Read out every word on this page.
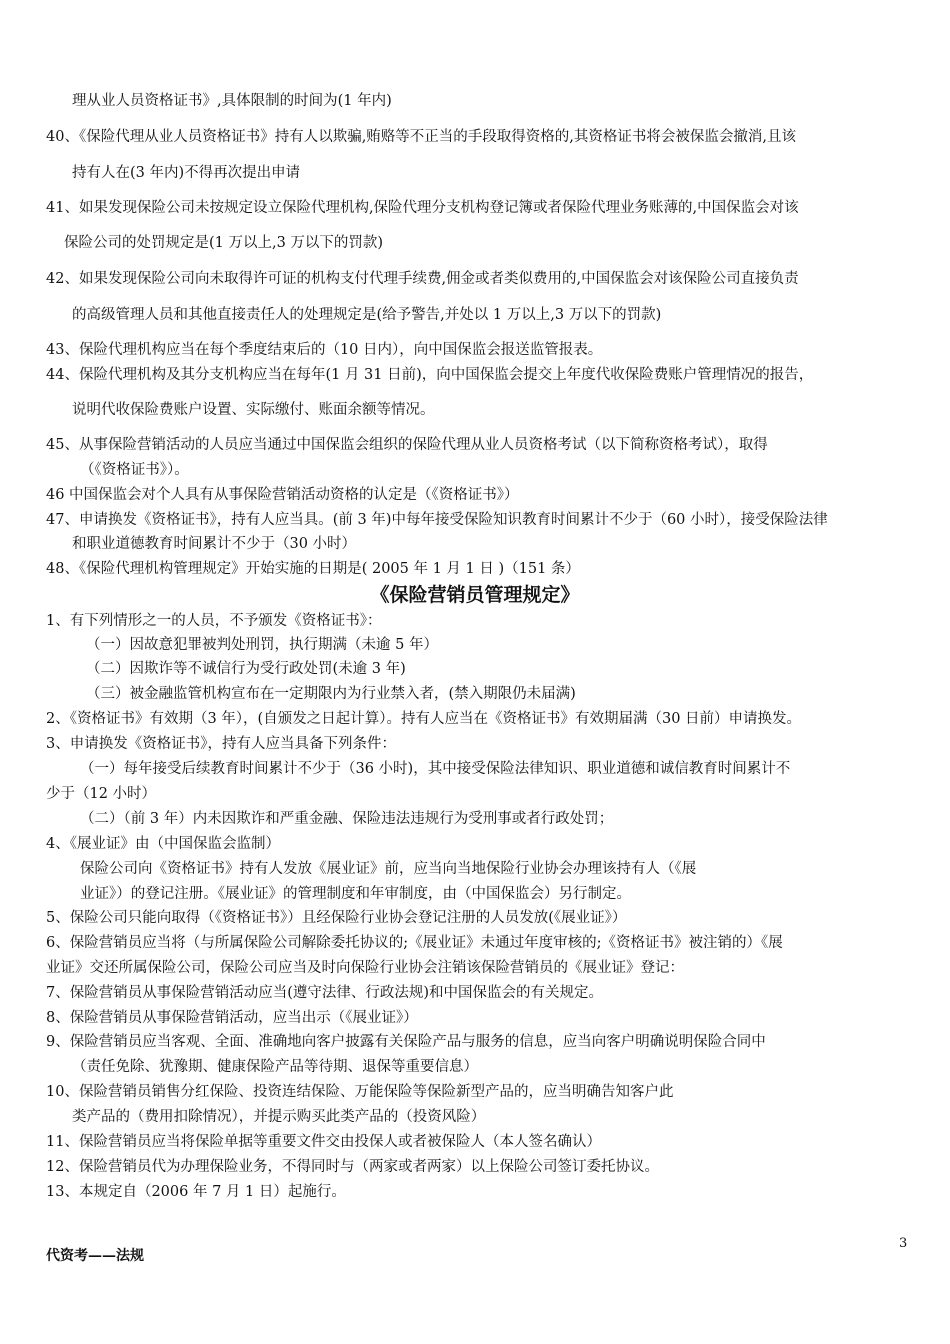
理从业人员资格证书》,具体限制的时间为(1 年内)
40、《保险代理从业人员资格证书》持有人以欺骗,贿赂等不正当的手段取得资格的,其资格证书将会被保监会撤消,且该
持有人在(3 年内)不得再次提出申请
41、如果发现保险公司未按规定设立保险代理机构,保险代理分支机构登记簿或者保险代理业务账薄的,中国保监会对该
保险公司的处罚规定是(1 万以上,3 万以下的罚款)
42、如果发现保险公司向未取得许可证的机构支付代理手续费,佣金或者类似费用的,中国保监会对该保险公司直接负责
的高级管理人员和其他直接责任人的处理规定是(给予警告,并处以 1 万以上,3 万以下的罚款)
43、保险代理机构应当在每个季度结束后的（10 日内），向中国保监会报送监管报表。
44、保险代理机构及其分支机构应当在每年(1 月 31 日前)，向中国保监会提交上年度代收保险费账户管理情况的报告，
说明代收保险费账户设置、实际缴付、账面余额等情况。
45、从事保险营销活动的人员应当通过中国保监会组织的保险代理从业人员资格考试（以下简称资格考试），取得
（《资格证书》）。
46 中国保监会对个人具有从事保险营销活动资格的认定是（《资格证书》）
47、申请换发《资格证书》，持有人应当具。(前 3 年)中每年接受保险知识教育时间累计不少于（60 小时），接受保险法律
和职业道德教育时间累计不少于（30 小时）
48、《保险代理机构管理规定》开始实施的日期是( 2005 年 1 月 1 日 )（151 条）
《保险营销员管理规定》
1、有下列情形之一的人员，不予颁发《资格证书》：
（一）因故意犯罪被判处刑罚，执行期满（未逾 5 年）
（二）因欺诈等不诚信行为受行政处罚(未逾 3 年)
（三）被金融监管机构宣布在一定期限内为行业禁入者，(禁入期限仍未届满)
2、《资格证书》有效期（3 年），(自颁发之日起计算）。持有人应当在《资格证书》有效期届满（30 日前）申请换发。
3、申请换发《资格证书》，持有人应当具备下列条件：
（一）每年接受后续教育时间累计不少于（36 小时)，其中接受保险法律知识、职业道德和诚信教育时间累计不
少于（12 小时）
（二）（前 3 年）内未因欺诈和严重金融、保险违法违规行为受刑事或者行政处罚；
4、《展业证》由（中国保监会监制）
保险公司向《资格证书》持有人发放《展业证》前，应当向当地保险行业协会办理该持有人（《展
业证》）的登记注册。《展业证》的管理制度和年审制度，由（中国保监会）另行制定。
5、保险公司只能向取得（《资格证书》）且经保险行业协会登记注册的人员发放(《展业证》）
6、保险营销员应当将（与所属保险公司解除委托协议的;《展业证》未通过年度审核的;《资格证书》被注销的）《展
业证》交还所属保险公司，保险公司应当及时向保险行业协会注销该保险营销员的《展业证》登记：
7、保险营销员从事保险营销活动应当(遵守法律、行政法规)和中国保监会的有关规定。
8、保险营销员从事保险营销活动，应当出示（《展业证》）
9、保险营销员应当客观、全面、准确地向客户披露有关保险产品与服务的信息，应当向客户明确说明保险合同中
（责任免除、犹豫期、健康保险产品等待期、退保等重要信息）
10、保险营销员销售分红保险、投资连结保险、万能保险等保险新型产品的，应当明确告知客户此
类产品的（费用扣除情况），并提示购买此类产品的（投资风险）
11、保险营销员应当将保险单据等重要文件交由投保人或者被保险人（本人签名确认）
12、保险营销员代为办理保险业务，不得同时与（两家或者两家）以上保险公司签订委托协议。
13、本规定自（2006 年 7 月 1 日）起施行。
3
代资考——法规
